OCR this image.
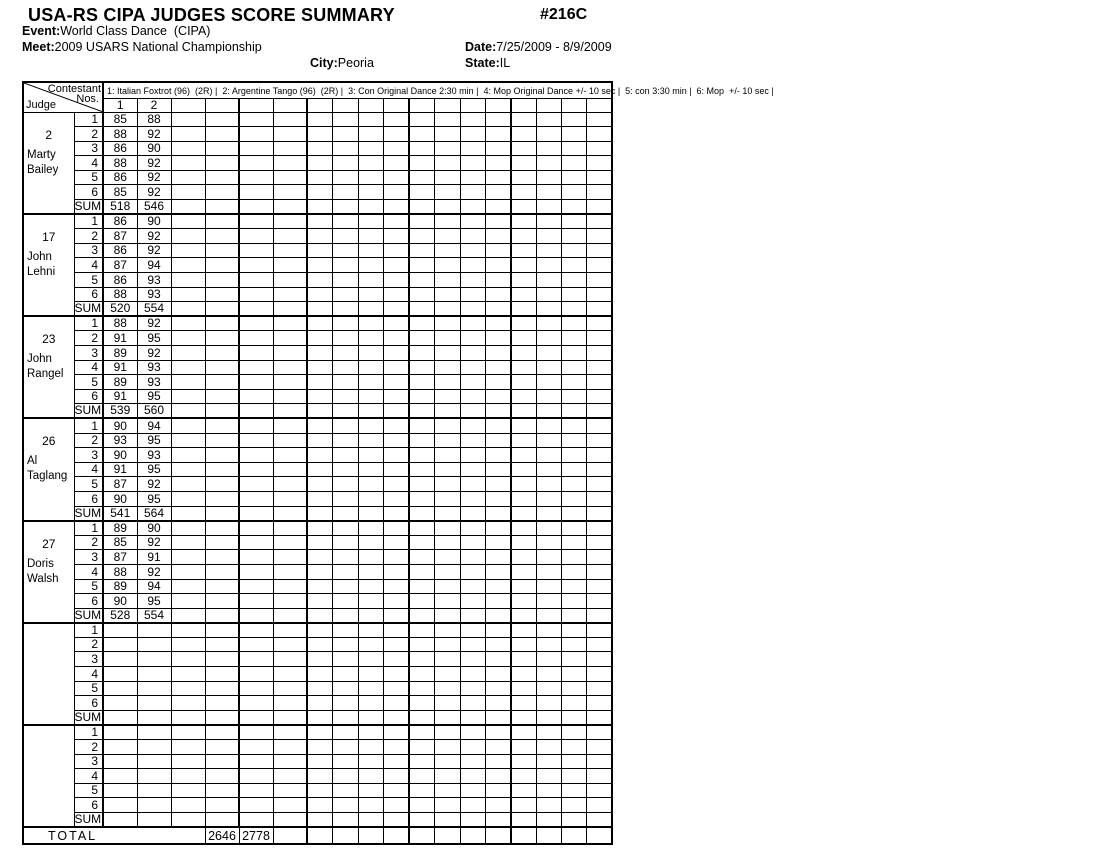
USA-RS CIPA JUDGES SCORE SUMMARY	#216C
Event:World Class Dance  (CIPA)
Meet:2009 USARS National Championship	Date:7/25/2009 - 8/9/2009
City:Peoria	State:IL
Contestant
Nos.
Judge		1: Italian Foxtrot (96)  (2R) |  2: Argentine Tango (96)  (2R) |  3: Con Original Dance 2:30 min |  4: Mop Original Dance +/- 10 sec |  5: con 3:30 min |  6: Mop  +/- 10 sec |																	

		1	2																

2
Marty
Bailey	1	85	88																
	2	88	92																
	3	86	90																
	4	88	92																
	5	86	92																
	6	85	92																
	SUM	518	546																

17
John
Lehni	1	86	90																
	2	87	92																
	3	86	92																
	4	87	94																
	5	86	93																
	6	88	93																
	SUM	520	554																

23
John
Rangel	1	88	92																
	2	91	95																
	3	89	92																
	4	91	93																
	5	89	93																
	6	91	95																
	SUM	539	560																

26
Al
Taglang	1	90	94																
	2	93	95																
	3	90	93																
	4	91	95																
	5	87	92																
	6	90	95																
	SUM	541	564																

27
Doris
Walsh	1	89	90																
	2	85	92																
	3	87	91																
	4	88	92																
	5	89	94																
	6	90	95																
	SUM	528	554																

	1																		
	2																		
	3																		
	4																		
	5																		
	6																		
	SUM																		

	1																		
	2																		
	3																		
	4																		
	5																		
	6																		
	SUM																		
TOTAL					2646	2778													
